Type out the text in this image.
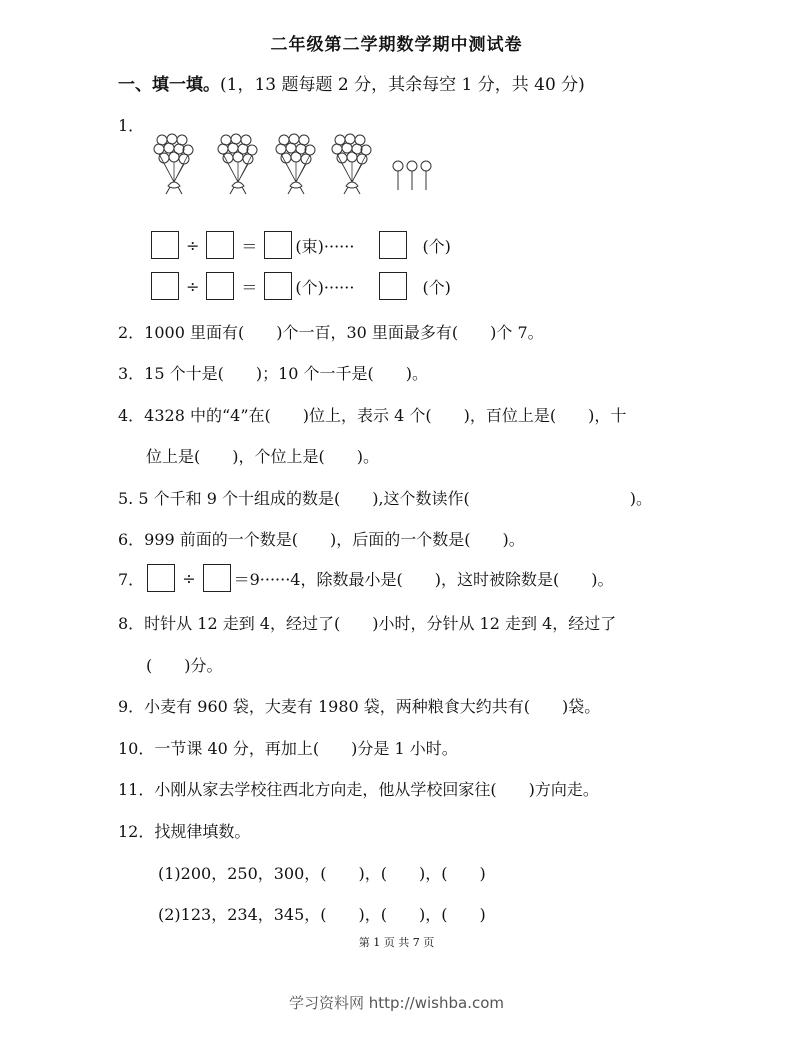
二年级第二学期数学期中测试卷
一、填一填。(1，13 题每题 2 分，其余每空 1 分，共 40 分)
1．
÷	＝ (束)······	(个)
÷	＝ (个)······	(个)
2．1000 里面有(　　)个一百，30 里面最多有(　　)个 7。
3．15 个十是(　　)；10 个一千是(　　)。
4．4328 中的“4”在(　　)位上，表示 4 个(　　)，百位上是(　　)，十
位上是(　　)，个位上是(　　)。
5. 5 个千和 9 个十组成的数是(　　),这个数读作(　　　　　　　　　　)。
6．999 前面的一个数是(　　)，后面的一个数是(　　)。
7． ÷ ＝9······4，除数最小是(　　)，这时被除数是(　　)。
8．时针从 12 走到 4，经过了(　　)小时，分针从 12 走到 4，经过了
(　　)分。
9．小麦有 960 袋，大麦有 1980 袋，两种粮食大约共有(　　)袋。
10．一节课 40 分，再加上(　　)分是 1 小时。
11．小刚从家去学校往西北方向走，他从学校回家往(　　)方向走。
12．找规律填数。
(1)200，250，300，(　　)，(　　)，(　　)
(2)123，234，345，(　　)，(　　)，(　　)
第 1 页 共 7 页
学习资料网 http://wishba.com
